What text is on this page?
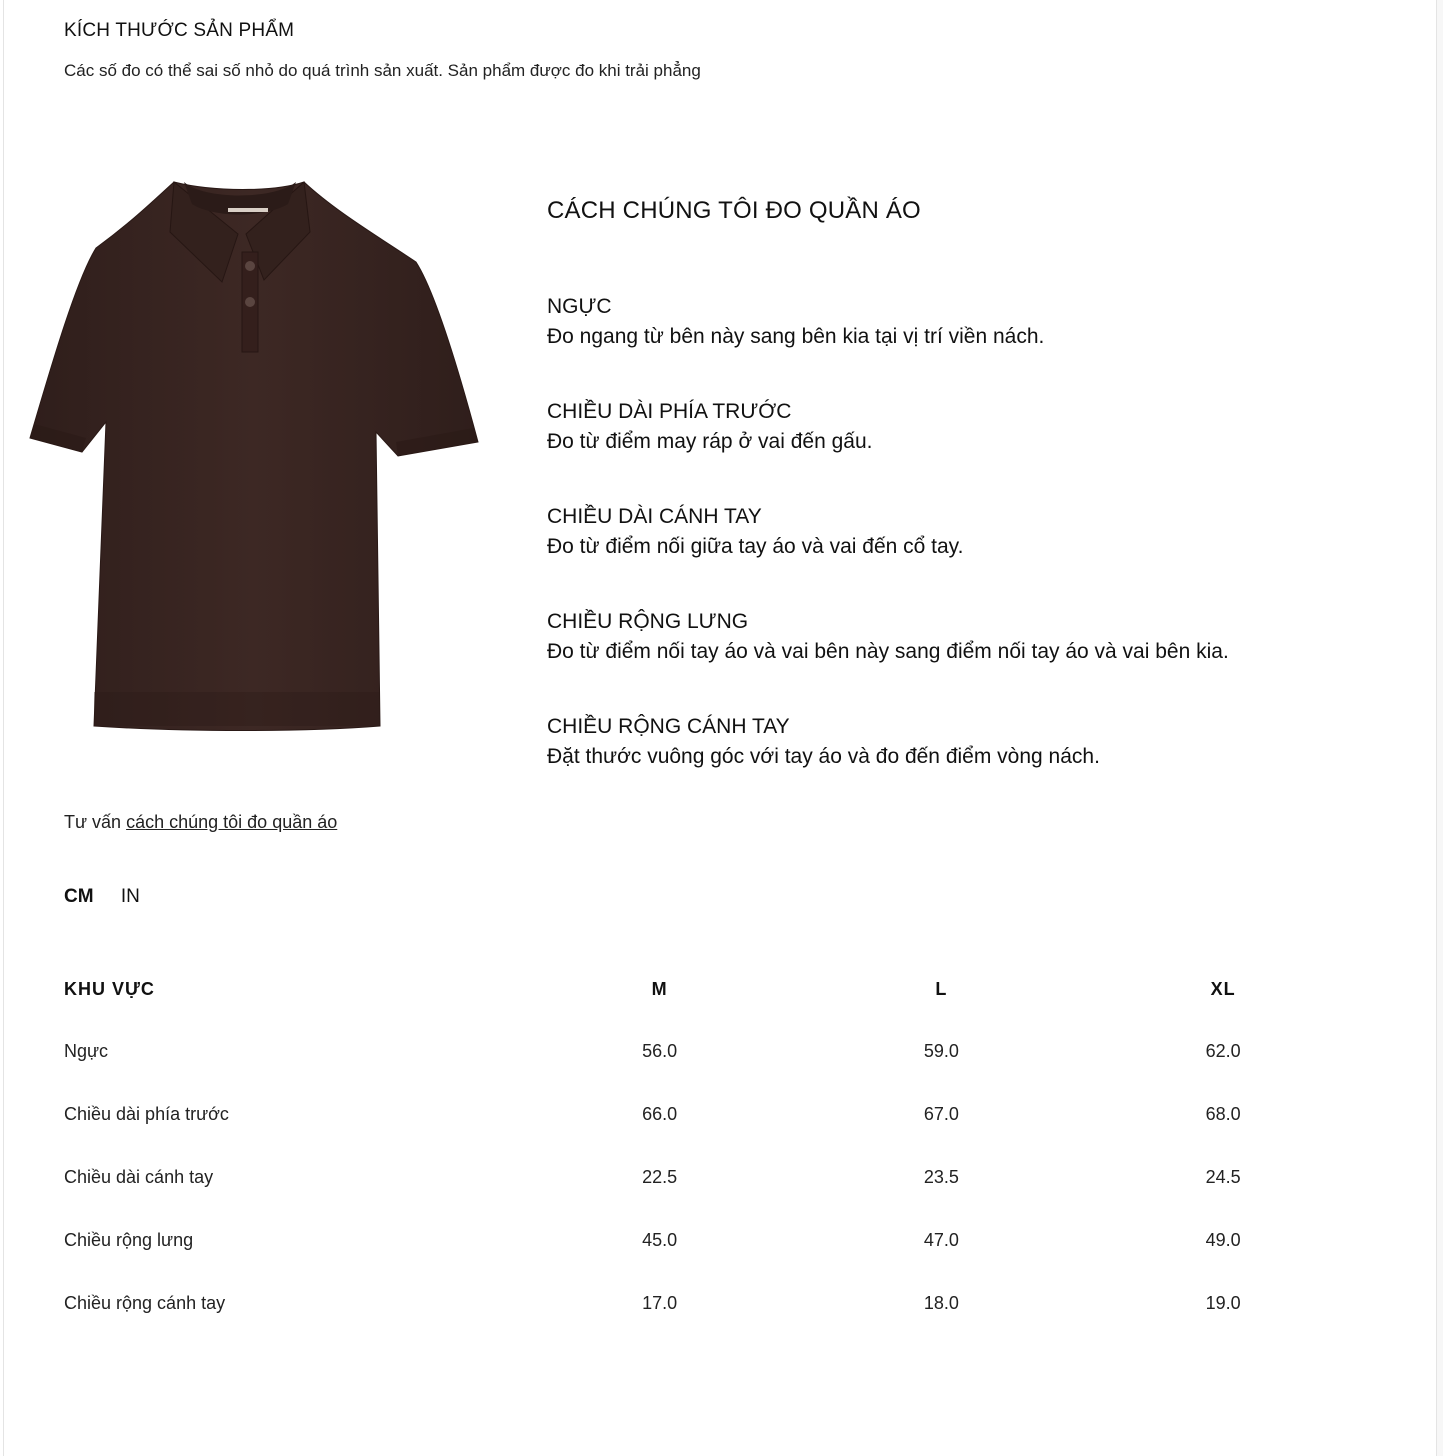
KÍCH THƯỚC SẢN PHẨM
Các số đo có thể sai số nhỏ do quá trình sản xuất. Sản phẩm được đo khi trải phẳng
CÁCH CHÚNG TÔI ĐO QUẦN ÁO
NGỰC
Đo ngang từ bên này sang bên kia tại vị trí viền nách.
CHIỀU DÀI PHÍA TRƯỚC
Đo từ điểm may ráp ở vai đến gấu.
CHIỀU DÀI CÁNH TAY
Đo từ điểm nối giữa tay áo và vai đến cổ tay.
CHIỀU RỘNG LƯNG
Đo từ điểm nối tay áo và vai bên này sang điểm nối tay áo và vai bên kia.
CHIỀU RỘNG CÁNH TAY
Đặt thước vuông góc với tay áo và đo đến điểm vòng nách.
Tư vấn cách chúng tôi đo quần áo
CM IN
KHU VỰC	M	L	XL
Ngực	56.0	59.0	62.0
Chiều dài phía trước	66.0	67.0	68.0
Chiều dài cánh tay	22.5	23.5	24.5
Chiều rộng lưng	45.0	47.0	49.0
Chiều rộng cánh tay	17.0	18.0	19.0
